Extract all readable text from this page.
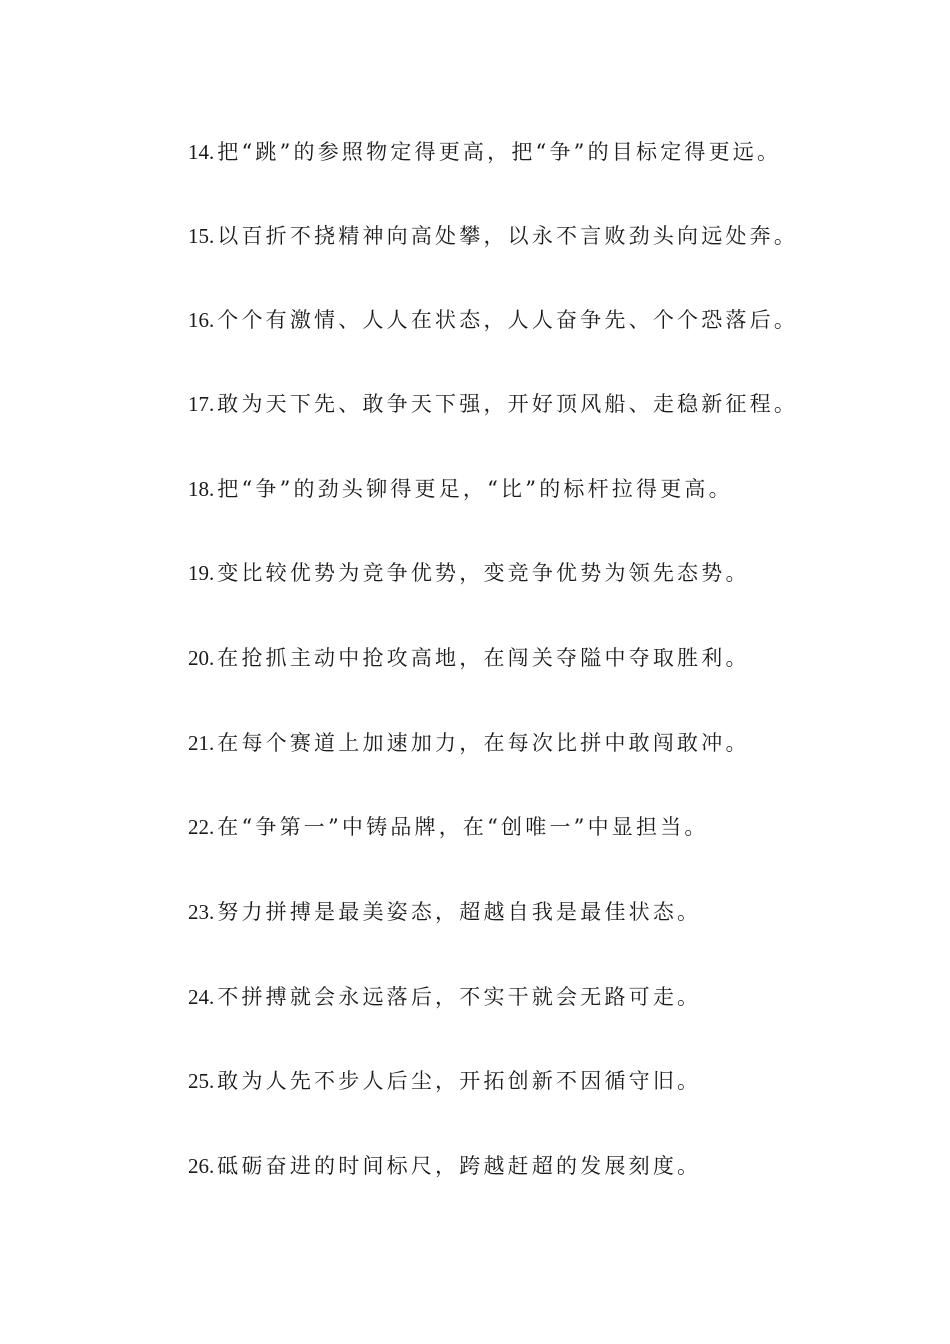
14. 把“跳”的参照物定得更高，把“争”的目标定得更远。

15. 以百折不挠精神向高处攀，以永不言败劲头向远处奔。

16. 个个有激情、人人在状态，人人奋争先、个个恐落后。

17. 敢为天下先、敢争天下强，开好顶风船、走稳新征程。

18. 把“争”的劲头铆得更足，“比”的标杆拉得更高。

19. 变比较优势为竞争优势，变竞争优势为领先态势。

20. 在抢抓主动中抢攻高地，在闯关夺隘中夺取胜利。

21. 在每个赛道上加速加力，在每次比拼中敢闯敢冲。

22. 在“争第一”中铸品牌，在“创唯一”中显担当。

23. 努力拼搏是最美姿态，超越自我是最佳状态。

24. 不拼搏就会永远落后，不实干就会无路可走。

25. 敢为人先不步人后尘，开拓创新不因循守旧。

26. 砥砺奋进的时间标尺，跨越赶超的发展刻度。
